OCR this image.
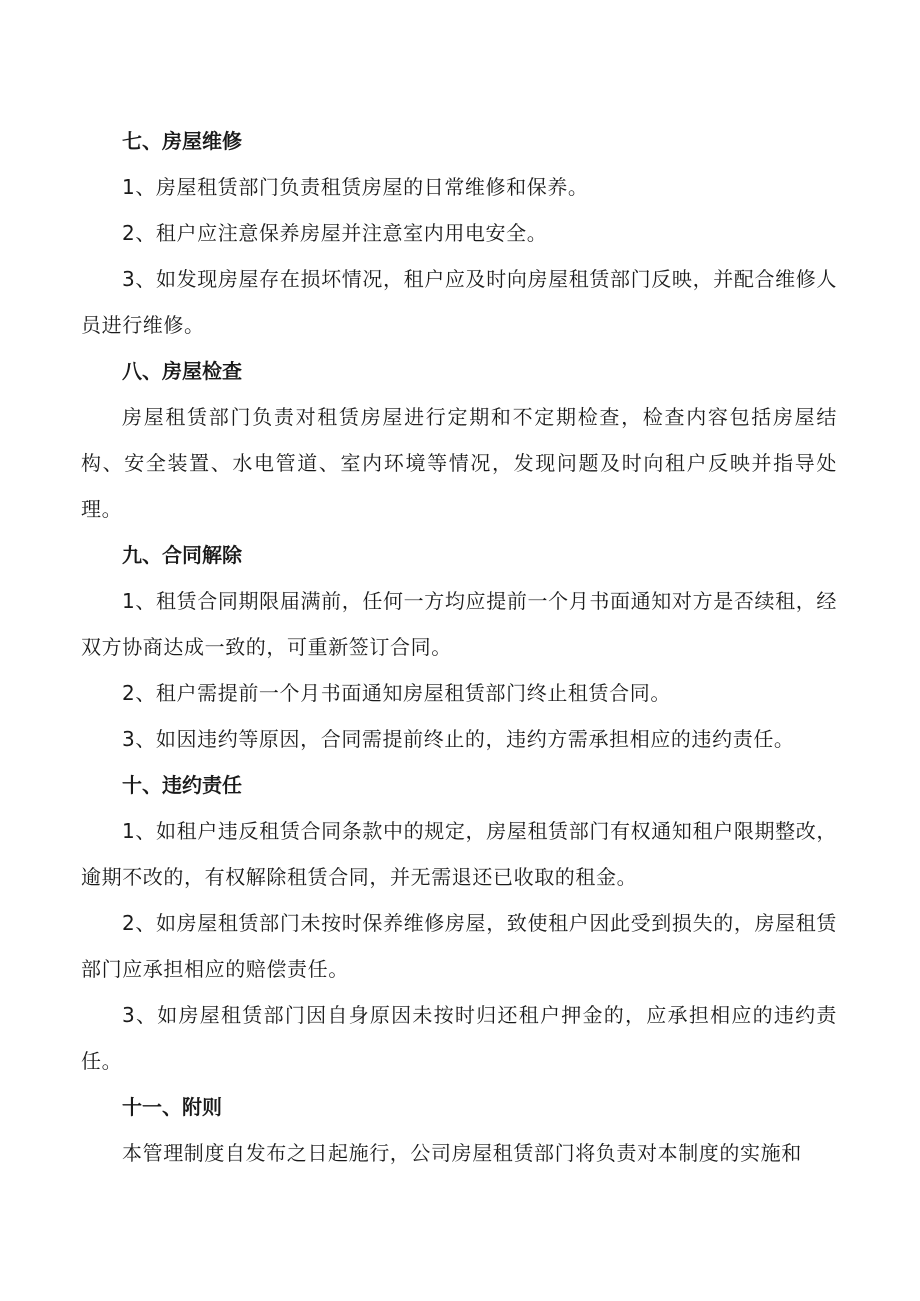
七、房屋维修

1、房屋租赁部门负责租赁房屋的日常维修和保养。

2、租户应注意保养房屋并注意室内用电安全。

3、如发现房屋存在损坏情况，租户应及时向房屋租赁部门反映，并配合维修人员进行维修。

八、房屋检查

房屋租赁部门负责对租赁房屋进行定期和不定期检查，检查内容包括房屋结构、安全装置、水电管道、室内环境等情况，发现问题及时向租户反映并指导处理。

九、合同解除

1、租赁合同期限届满前，任何一方均应提前一个月书面通知对方是否续租，经双方协商达成一致的，可重新签订合同。

2、租户需提前一个月书面通知房屋租赁部门终止租赁合同。

3、如因违约等原因，合同需提前终止的，违约方需承担相应的违约责任。

十、违约责任

1、如租户违反租赁合同条款中的规定，房屋租赁部门有权通知租户限期整改，逾期不改的，有权解除租赁合同，并无需退还已收取的租金。

2、如房屋租赁部门未按时保养维修房屋，致使租户因此受到损失的，房屋租赁部门应承担相应的赔偿责任。

3、如房屋租赁部门因自身原因未按时归还租户押金的，应承担相应的违约责任。

十一、附则

本管理制度自发布之日起施行，公司房屋租赁部门将负责对本制度的实施和
